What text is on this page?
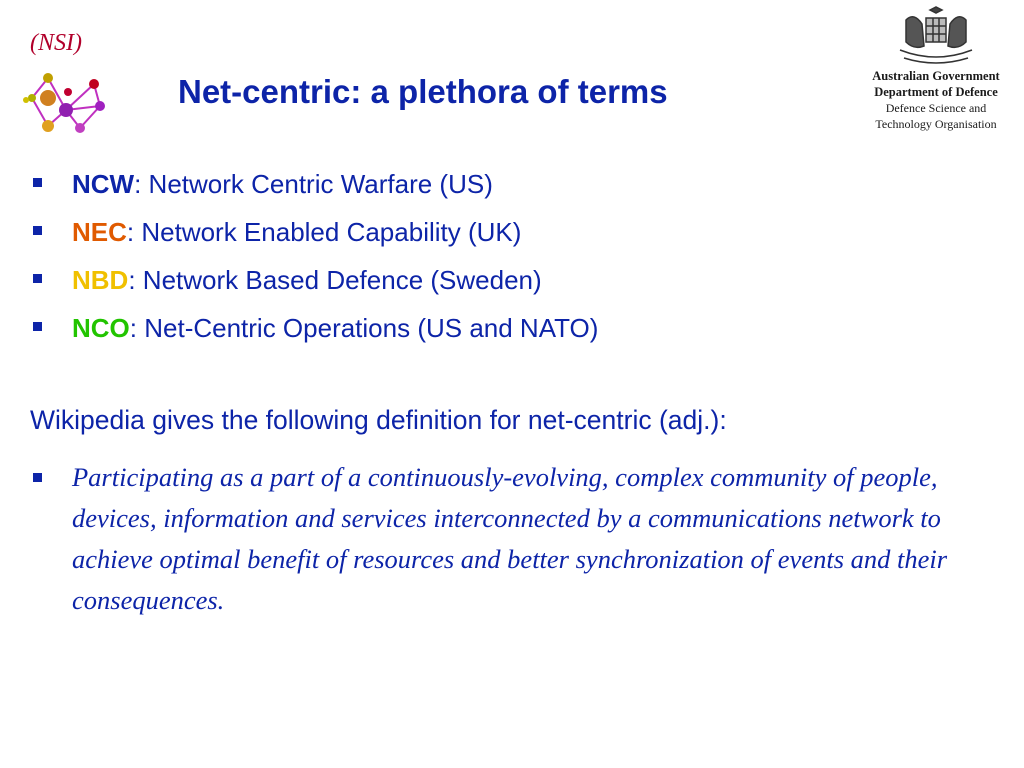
(NSI)
Net-centric: a plethora of terms	Australian Government
Department of Defence
Defence Science and
Technology Organisation
NCW: Network Centric Warfare (US)
NEC: Network Enabled Capability (UK)
NBD: Network Based Defence (Sweden)
NCO: Net-Centric Operations (US and NATO)

Wikipedia gives the following definition for net-centric (adj.):

Participating as a part of a continuously-evolving, complex community of people, devices, information and services interconnected by a communications network to achieve optimal benefit of resources and better synchronization of events and their consequences.
